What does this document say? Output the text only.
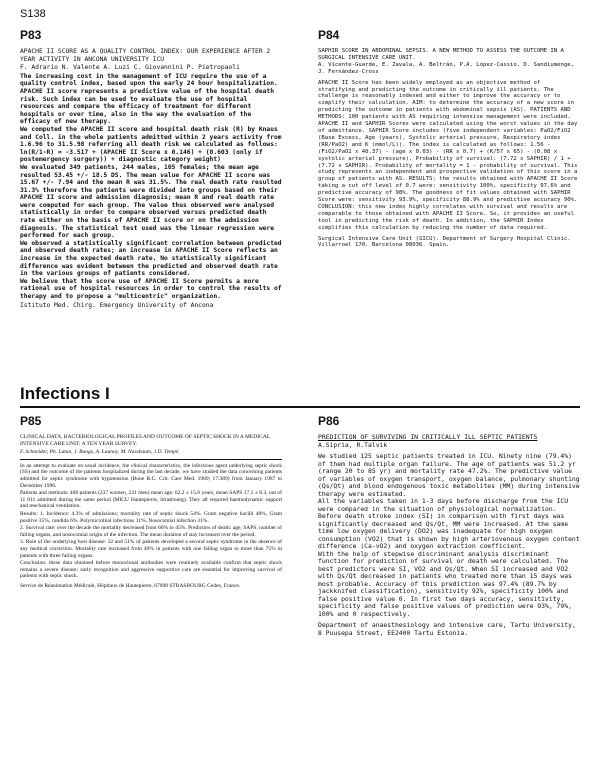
S138
P83
APACHE II SCORE AS A QUALITY CONTROL INDEX: OUR EXPERIENCE AFTER 2 YEAR ACTIVITY IN ANCONA UNIVERSITY ICU
F. Adrario N. Valente A. Luzi C. Giovannini P. Pietropaoli
The increasing cost in the management of ICU require the use of a quality control index, based upon the early 24 hour hospitalization. APACHE II score represents a predictive value of the hospital death risk. Such index can be used to evaluate the use of hospital resources and compare the efficacy of treatment for different hospitals or over time, also in the way the evaluation of the efficacy of new therapy.
We computed the APACHE II score and hospital death risk (R) by Knaus and Coll. in the whole patients admitted within 2 years activity from 1.6.96 to 31.5.98 referring all death risk we calculated as follows:
ln(R/1-R) = -3.517 + (APACHE II Score x 0.146) + (0.603 (only if postemergency surgery)) + diagnostic category weight)
We evaluated 349 patients, 244 males, 105 females; the mean age resulted 53.45 +/- 18.5 DS. The mean value for APACHE II score was 15.67 +/- 7.94 and the mean R was 31.5%. The real death rate resulted 31.3% therefore the patients were divided into groups based on their APACHE II score and admission diagnosis; mean R and real death rate were computed for each group. The value thus observed were analysed statistically in order to compare observed versus predicted death rate either on the basis of APACHE II score or on the admission diagnosis. The statistical test used was the linear regression were performed for each group.
We observed a statistically significant correlation between predicted and observed death rates; an increase in APACHE II Score reflects an increase in the expected death rate. No statistically significant difference was evident between the predicted and observed death rate in the various groups of patients considered.
We believe that the score use of APACHE II Score permits a more rational use of hospital resources in order to control the results of therapy and to propose a "multicentric" organization.
Istituto Med. Chirg. Emergency University of Ancona
P84
SAPHIR SCORE IN ABDOMINAL SEPSIS. A NEW METHOD TO ASSESS THE OUTCOME IN A SURGICAL INTENSIVE CARE UNIT.
A. Vicente-Guarde, E. Zavala, A. Beltrán, P.A. López-Cassio, D. Sandiumenge, J. Fernández-Cross
APACHE II Score has been widely employed as an objective method of stratifying and predicting the outcome in critically ill patients. The challenge is reasonably indexed and either to improve the accuracy or to simplify their calculation. AIM: to determine the accuracy of a new score in predicting the outcome in patients with abdominal sepsis (AS). PATIENTS AND METHODS: 100 patients with AS requiring intensive management were included. APACHE II and SAPHIR Scores were calculated using the worst values in the day of admittance. SAPHIR Score includes (five independent variables: PaO2/FiO2 (Base Excess, Age (years), Systolic arterial pressure, Respiratory index (RR/PaO2) and K (mmol/L)). The index is calculated as follows: 1.56 - (FiO2/PaO2 x 40.37) - (age x 0.03) - (RR x 0.7) + (K/57 x 65) - (0.08 x systolic arterial pressure). Probability of survival: (7.72 x SAPHIR) / 1 + (7.72 x SAPHIR). Probability of mortality = 1 - probability of survival. This study represents an independent and prospective validation of this score in a group of patients with AS. RESULTS: the results obtained with APACHE II Score taking a cut off level of 0.7 were: sensitivity 100%, specificity 97.6% and predictive accuracy of 98%. The goodness of fit values obtained with SAPHIR Score were: sensitivity 93.9%, specificity 88.9% and predictive accuracy 90%. CONCLUSION: this new index highly correlates with survival and results are comparable to those obtained with APACHE II Score. So, it provides an useful tool in predicting the risk of death. In addition, the SAPHIR Index simplifies this calculation by reducing the number of data required.
Surgical Intensive Care Unit (SICU). Department of Surgery Hospital Clinic. Villarroel 170. Barcelona 08036. Spain.
Infections I
P85
CLINICAL DATA, BACTERIOLOGICAL PROFILES AND OUTCOME OF SEPTIC SHOCK IN A MEDICAL INTENSIVE CARE UNIT: A TEN YEAR SURVEY.
F. Schneider, Ph. Lutun, J. Bangs, A. Launoy, M. Nassbaum, J.D. Tempé.

In an attempt to evaluate on usual incidence, the clinical characteristics, the infectious agent underlying septic shock (SS) and the outcome of the patients hospitalized during the last decade, we have studied the data concerning patients admitted for septic syndrome with hypotension (Bone R.C. Crit. Care Med. 1989; 17:389) from January 1987 to December 1996.

Patients and methods: 468 patients (237 women, 231 men) mean age: 62.2 ± 15.8 years, mean SAPS 17.1 ± 8.3, out of 11 011 admitted during the same period (MICU Hautepierre, Strasbourg). They all required haemodynamic support and mechanical ventilation.

Results: 1. Incidence: 4.3% of admissions; mortality rate of septic shock 54%. Gram negative bacilli 48%, Gram positive 35%, candida 6%. Polymicrobial infections 11%. Nosocomial infection 31%.

2. Survival rate: over the decade the mortality decreased from 66% to 45%. Predictors of death: age, SAPS, number of failing organs, and nosocomial origin of the infection. The mean duration of stay increased over the period.

3. Role of the underlying host disease: 32 and 51% of patients developed a second septic syndrome in the absence of any medical correction. Mortality rate increased from 40% in patients with one failing organ to more than 75% in patients with three failing organs.

Conclusion: these data obtained before monoclonal antibodies were routinely available confirm that septic shock remains a severe disease; early recognition and aggressive supportive care are essential for improving survival of patients with septic shock.

Service de Réanimation Médicale, Hôpitaux de Hautepierre, 67098 STRASBOURG Cedex, France.

P86
PREDICTION OF SURVIVING IN CRITICALLY ILL SEPTIC PATIENTS
A.Sipria, R.Talvik
We studied 125 septic patients treated in ICU. Ninety nine (79.4%) of them had multiple organ failure. The age of patients was 51.2 yr (range 20 to 85 yr) and mortality rate 47.2%. The predictive value of variables of oxygen transport, oxygen balance, pulmonary shunting (Qs/Qt) and blood endogenous toxic metabolites (MM) during intensive therapy were estimated.
All the variables taken in 1-3 days before discharge from the ICU were compared in the situation of physiological normalization. Before death stroke index (SI) in comparison with first days was significantly decreased and Qs/Qt, MM were increased. At the same time low oxygen delivery (DO2) was inadequate for high oxygen consumption (VO2) that is shown by high arteriovenous oxygen content difference (Ca-vO2) and oxygen extraction coefficient.
With the help of stepwise discriminant analysis discriminant function for prediction of survival or death were calculated. The best predictors were SI, VO2 and Qs/Qt. When SI increased and VO2 with Qs/Qt decreased in patients who treated more than 15 days was most probable. Accuracy of this prediction was 97.4% (89.7% by jackknifed classification), sensitivity 92%, specificity 100% and false positive value 0. In first two days accuracy, sensitivity, specificity and false positive values of prediction were 93%, 79%, 100% and 0 respectively.
Department of anaesthesiology and intensive care, Tartu University, 8 Puusepa Street, EE2400 Tartu Estonia.
